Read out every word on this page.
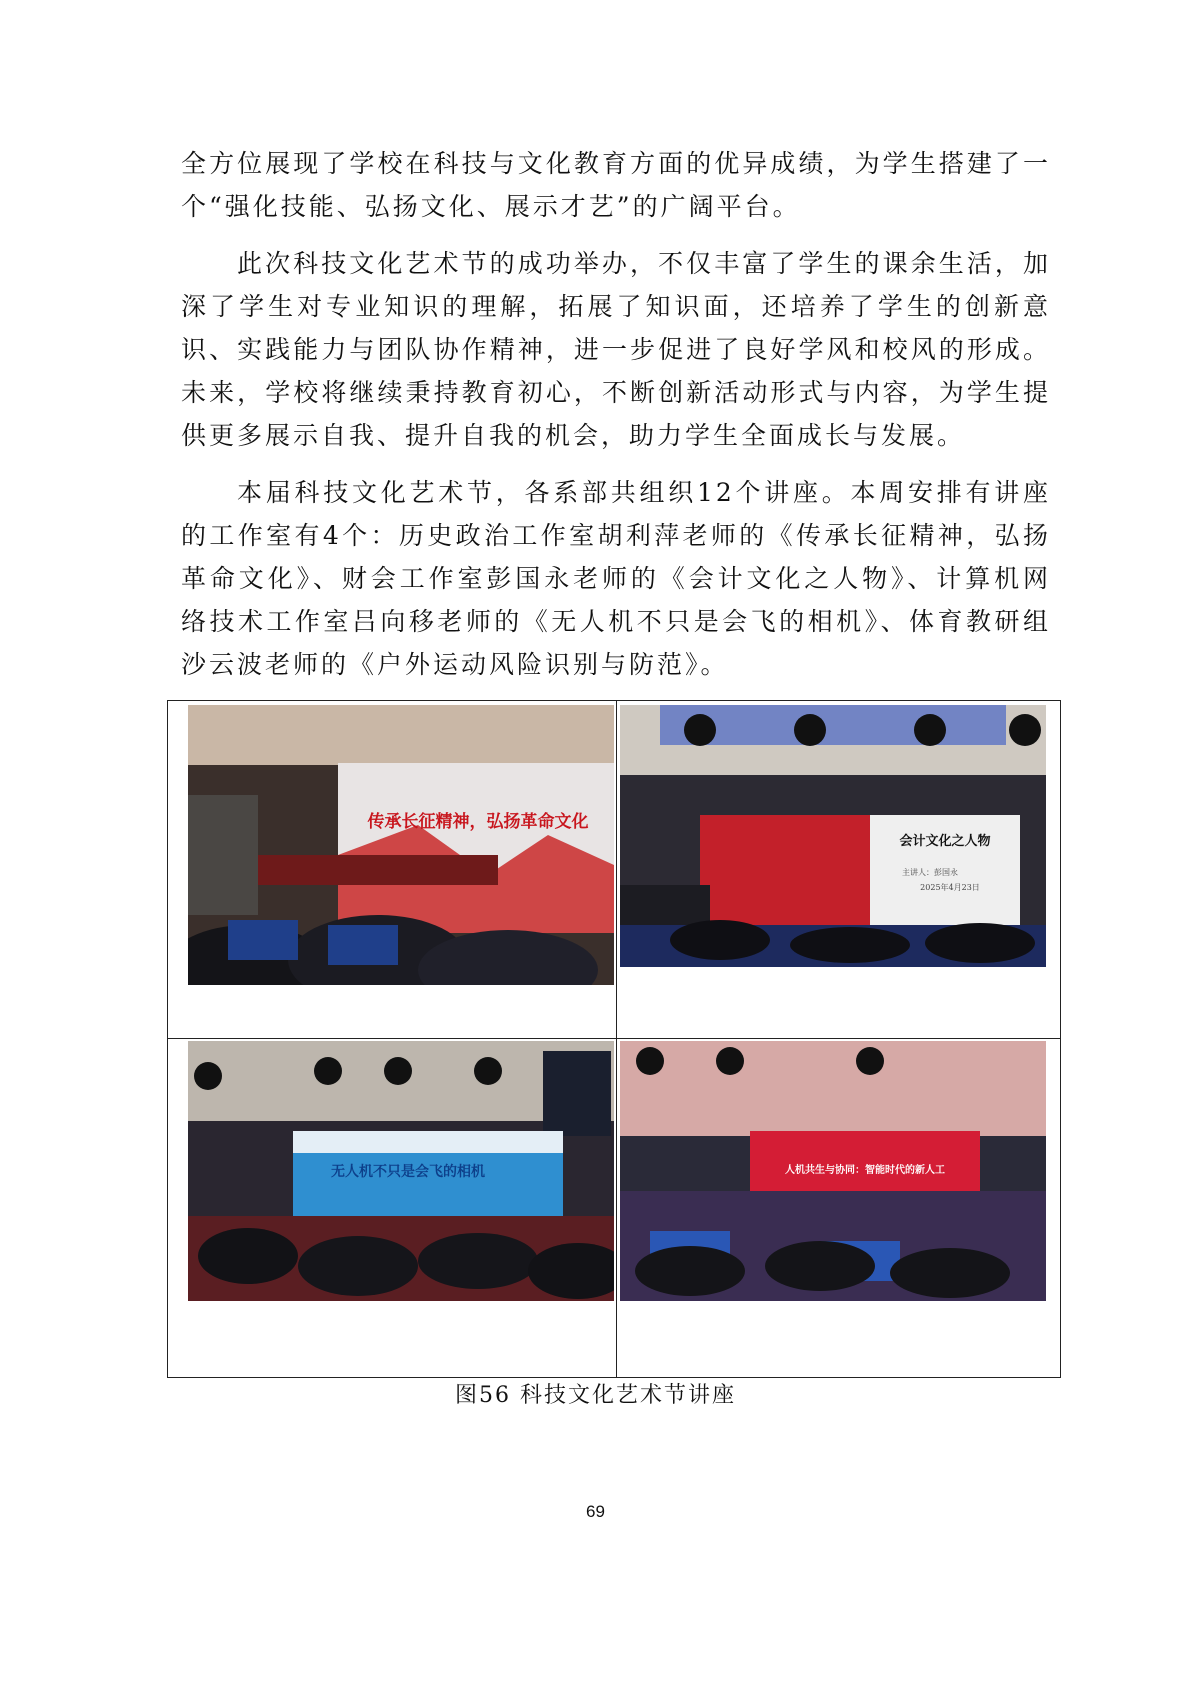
全方位展现了学校在科技与文化教育方面的优异成绩，为学生搭建了一个“强化技能、弘扬文化、展示才艺”的广阔平台。

此次科技文化艺术节的成功举办，不仅丰富了学生的课余生活，加深了学生对专业知识的理解，拓展了知识面，还培养了学生的创新意识、实践能力与团队协作精神，进一步促进了良好学风和校风的形成。未来，学校将继续秉持教育初心，不断创新活动形式与内容，为学生提供更多展示自我、提升自我的机会，助力学生全面成长与发展。

本届科技文化艺术节，各系部共组织12个讲座。本周安排有讲座的工作室有4个：历史政治工作室胡利萍老师的《传承长征精神，弘扬革命文化》、财会工作室彭国永老师的《会计文化之人物》、计算机网络技术工作室吕向移老师的《无人机不只是会飞的相机》、体育教研组沙云波老师的《户外运动风险识别与防范》。

传承长征精神，弘扬革命文化
会计文化之人物
主讲人：彭国永
2025年4月23日
无人机不只是会飞的相机	人机共生与协同：智能时代的新人工
图56 科技文化艺术节讲座
69
